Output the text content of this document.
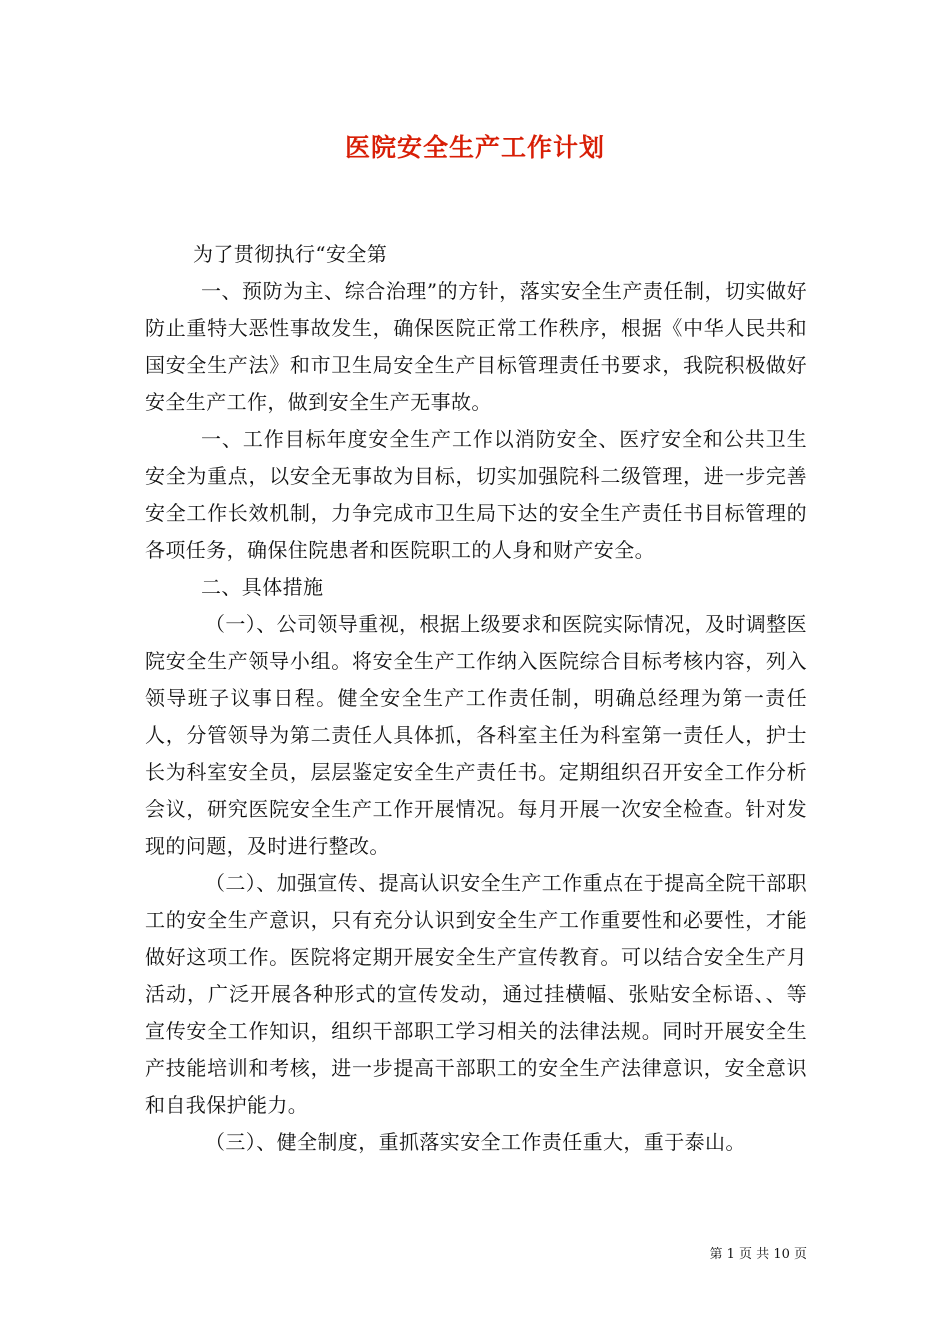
医院安全生产工作计划

为了贯彻执行“安全第

一、预防为主、综合治理”的方针，落实安全生产责任制，切实做好防止重特大恶性事故发生，确保医院正常工作秩序，根据《中华人民共和国安全生产法》和市卫生局安全生产目标管理责任书要求，我院积极做好安全生产工作，做到安全生产无事故。

一、工作目标年度安全生产工作以消防安全、医疗安全和公共卫生安全为重点，以安全无事故为目标，切实加强院科二级管理，进一步完善安全工作长效机制，力争完成市卫生局下达的安全生产责任书目标管理的各项任务，确保住院患者和医院职工的人身和财产安全。

二、具体措施

（一）、公司领导重视，根据上级要求和医院实际情况，及时调整医院安全生产领导小组。将安全生产工作纳入医院综合目标考核内容，列入领导班子议事日程。健全安全生产工作责任制，明确总经理为第一责任人，分管领导为第二责任人具体抓，各科室主任为科室第一责任人，护士长为科室安全员，层层鉴定安全生产责任书。定期组织召开安全工作分析会议，研究医院安全生产工作开展情况。每月开展一次安全检查。针对发现的问题，及时进行整改。

（二）、加强宣传、提高认识安全生产工作重点在于提高全院干部职工的安全生产意识，只有充分认识到安全生产工作重要性和必要性，才能做好这项工作。医院将定期开展安全生产宣传教育。可以结合安全生产月活动，广泛开展各种形式的宣传发动，通过挂横幅、张贴安全标语、、等宣传安全工作知识，组织干部职工学习相关的法律法规。同时开展安全生产技能培训和考核，进一步提高干部职工的安全生产法律意识，安全意识和自我保护能力。

（三）、健全制度，重抓落实安全工作责任重大，重于泰山。

第 1 页 共 10 页
